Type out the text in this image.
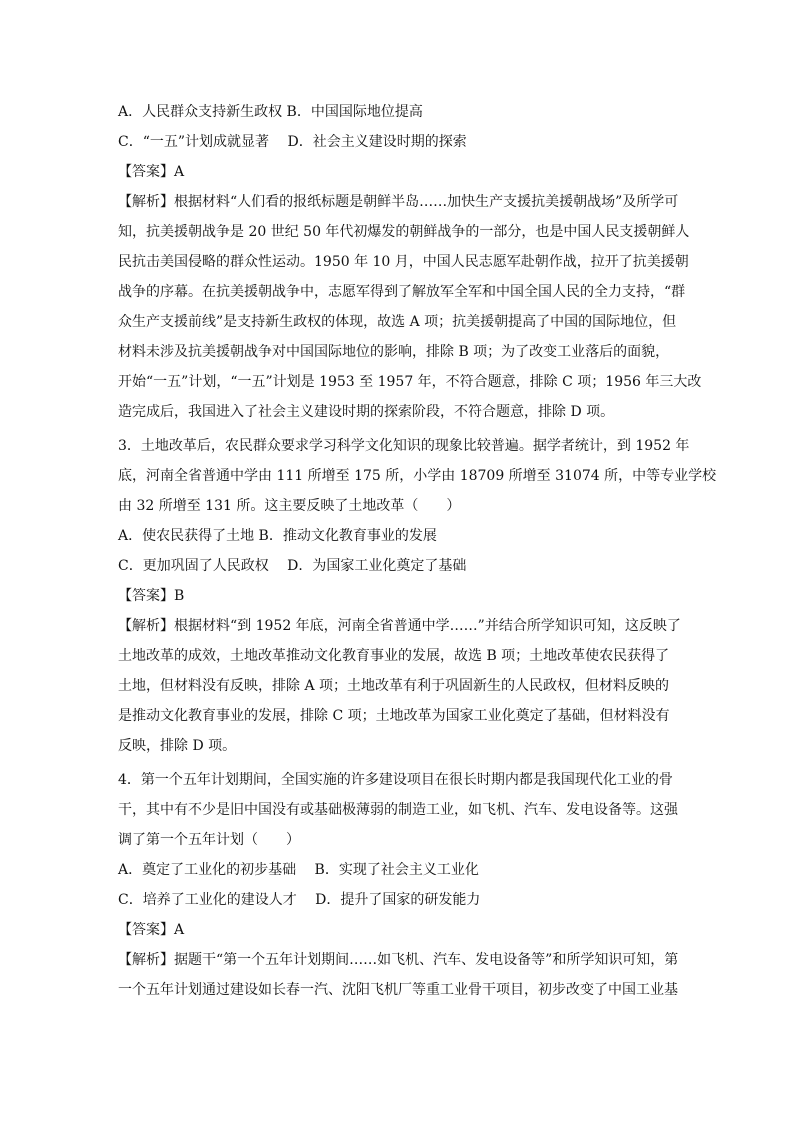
A．人民群众支持新生政权 B．中国国际地位提高
C．“一五”计划成就显著　 D．社会主义建设时期的探索
【答案】A
【解析】根据材料“人们看的报纸标题是朝鲜半岛……加快生产支援抗美援朝战场”及所学可
知，抗美援朝战争是 20 世纪 50 年代初爆发的朝鲜战争的一部分，也是中国人民支援朝鲜人
民抗击美国侵略的群众性运动。1950 年 10 月，中国人民志愿军赴朝作战，拉开了抗美援朝
战争的序幕。在抗美援朝战争中，志愿军得到了解放军全军和中国全国人民的全力支持，“群
众生产支援前线”是支持新生政权的体现，故选 A 项；抗美援朝提高了中国的国际地位，但
材料未涉及抗美援朝战争对中国国际地位的影响，排除 B 项；为了改变工业落后的面貌，
开始“一五”计划，“一五”计划是 1953 至 1957 年，不符合题意，排除 C 项；1956 年三大改
造完成后，我国进入了社会主义建设时期的探索阶段，不符合题意，排除 D 项。
3．土地改革后，农民群众要求学习科学文化知识的现象比较普遍。据学者统计，到 1952 年
底，河南全省普通中学由 111 所增至 175 所，小学由 18709 所增至 31074 所，中等专业学校
由 32 所增至 131 所。这主要反映了土地改革（　　）
A．使农民获得了土地 B．推动文化教育事业的发展
C．更加巩固了人民政权　 D．为国家工业化奠定了基础
【答案】B
【解析】根据材料“到 1952 年底，河南全省普通中学……”并结合所学知识可知，这反映了
土地改革的成效，土地改革推动文化教育事业的发展，故选 B 项；土地改革使农民获得了
土地，但材料没有反映，排除 A 项；土地改革有利于巩固新生的人民政权，但材料反映的
是推动文化教育事业的发展，排除 C 项；土地改革为国家工业化奠定了基础，但材料没有
反映，排除 D 项。
4．第一个五年计划期间，全国实施的许多建设项目在很长时期内都是我国现代化工业的骨
干，其中有不少是旧中国没有或基础极薄弱的制造工业，如飞机、汽车、发电设备等。这强
调了第一个五年计划（　　）
A．奠定了工业化的初步基础　 B．实现了社会主义工业化
C．培养了工业化的建设人才　 D．提升了国家的研发能力
【答案】A
【解析】据题干“第一个五年计划期间……如飞机、汽车、发电设备等”和所学知识可知，第
一个五年计划通过建设如长春一汽、沈阳飞机厂等重工业骨干项目，初步改变了中国工业基
